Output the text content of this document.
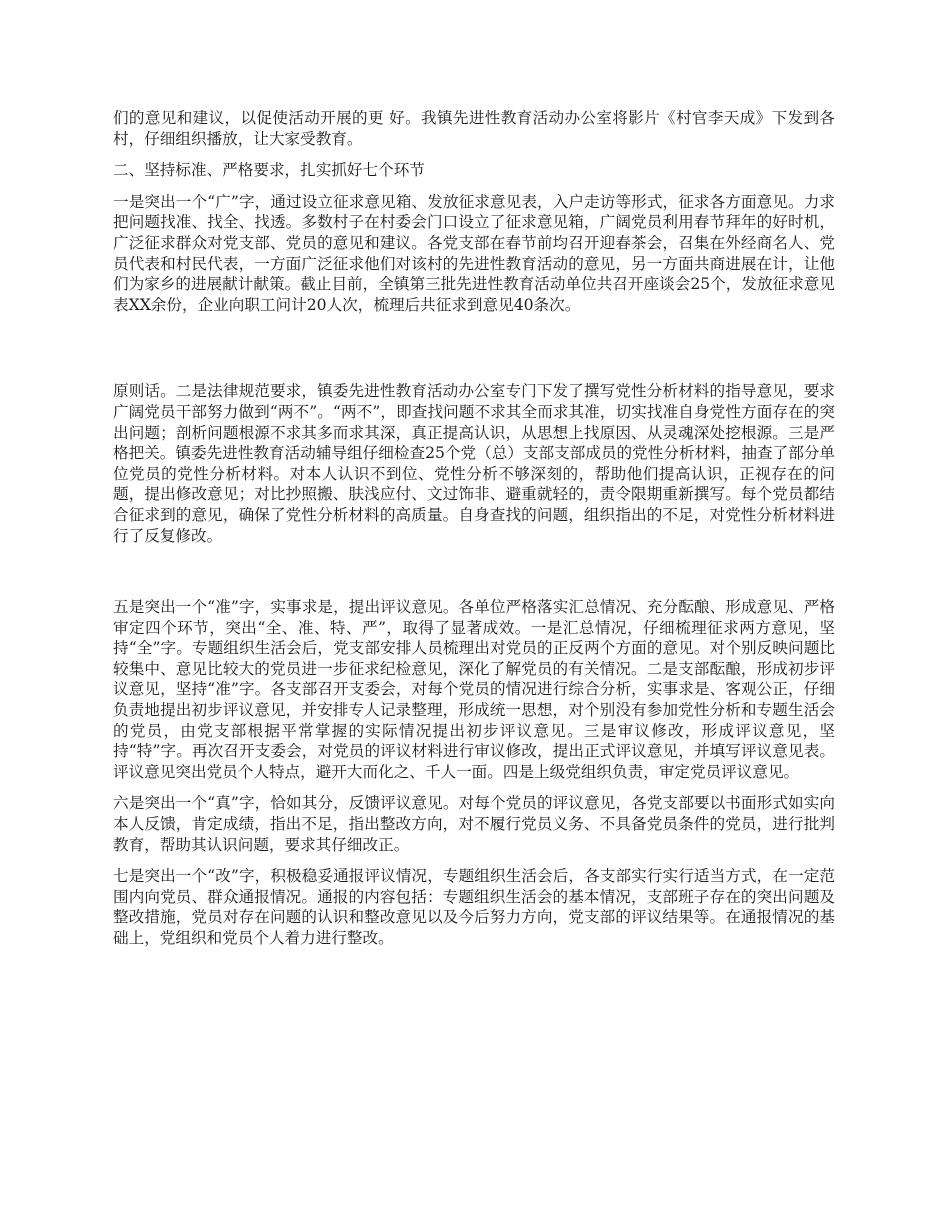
们的意见和建议，以促使活动开展的更 好。我镇先进性教育活动办公室将影片《村官李天成》下发到各村，仔细组织播放，让大家受教育。

二、坚持标准、严格要求，扎实抓好七个环节

一是突出一个“广”字，通过设立征求意见箱、发放征求意见表，入户走访等形式，征求各方面意见。力求把问题找准、找全、找透。多数村子在村委会门口设立了征求意见箱，广阔党员利用春节拜年的好时机，广泛征求群众对党支部、党员的意见和建议。各党支部在春节前均召开迎春茶会，召集在外经商名人、党员代表和村民代表，一方面广泛征求他们对该村的先进性教育活动的意见，另一方面共商进展在计，让他们为家乡的进展献计献策。截止目前，全镇第三批先进性教育活动单位共召开座谈会25个，发放征求意见表XX余份，企业向职工问计20人次，梳理后共征求到意见40条次。

原则话。二是法律规范要求，镇委先进性教育活动办公室专门下发了撰写党性分析材料的指导意见，要求广阔党员干部努力做到“两不”。“两不”，即查找问题不求其全而求其准，切实找准自身党性方面存在的突出问题；剖析问题根源不求其多而求其深，真正提高认识，从思想上找原因、从灵魂深处挖根源。三是严格把关。镇委先进性教育活动辅导组仔细检查25个党（总）支部支部成员的党性分析材料，抽查了部分单位党员的党性分析材料。对本人认识不到位、党性分析不够深刻的，帮助他们提高认识，正视存在的问题，提出修改意见；对比抄照搬、肤浅应付、文过饰非、避重就轻的，责令限期重新撰写。每个党员都结合征求到的意见，确保了党性分析材料的高质量。自身查找的问题，组织指出的不足，对党性分析材料进行了反复修改。

五是突出一个“准”字，实事求是，提出评议意见。各单位严格落实汇总情况、充分酝酿、形成意见、严格审定四个环节，突出“全、准、特、严”，取得了显著成效。一是汇总情况，仔细梳理征求两方意见，坚持“全”字。专题组织生活会后，党支部安排人员梳理出对党员的正反两个方面的意见。对个别反映问题比较集中、意见比较大的党员进一步征求纪检意见，深化了解党员的有关情况。二是支部酝酿，形成初步评议意见，坚持“准”字。各支部召开支委会，对每个党员的情况进行综合分析，实事求是、客观公正，仔细负责地提出初步评议意见，并安排专人记录整理，形成统一思想，对个别没有参加党性分析和专题生活会的党员，由党支部根据平常掌握的实际情况提出初步评议意见。三是审议修改，形成评议意见，坚持“特”字。再次召开支委会，对党员的评议材料进行审议修改，提出正式评议意见，并填写评议意见表。评议意见突出党员个人特点，避开大而化之、千人一面。四是上级党组织负责，审定党员评议意见。

六是突出一个“真”字，恰如其分，反馈评议意见。对每个党员的评议意见，各党支部要以书面形式如实向本人反馈，肯定成绩，指出不足，指出整改方向，对不履行党员义务、不具备党员条件的党员，进行批判教育，帮助其认识问题，要求其仔细改正。

七是突出一个“改”字，积极稳妥通报评议情况，专题组织生活会后，各支部实行实行适当方式，在一定范围内向党员、群众通报情况。通报的内容包括：专题组织生活会的基本情况，支部班子存在的突出问题及整改措施，党员对存在问题的认识和整改意见以及今后努力方向，党支部的评议结果等。在通报情况的基础上，党组织和党员个人着力进行整改。
